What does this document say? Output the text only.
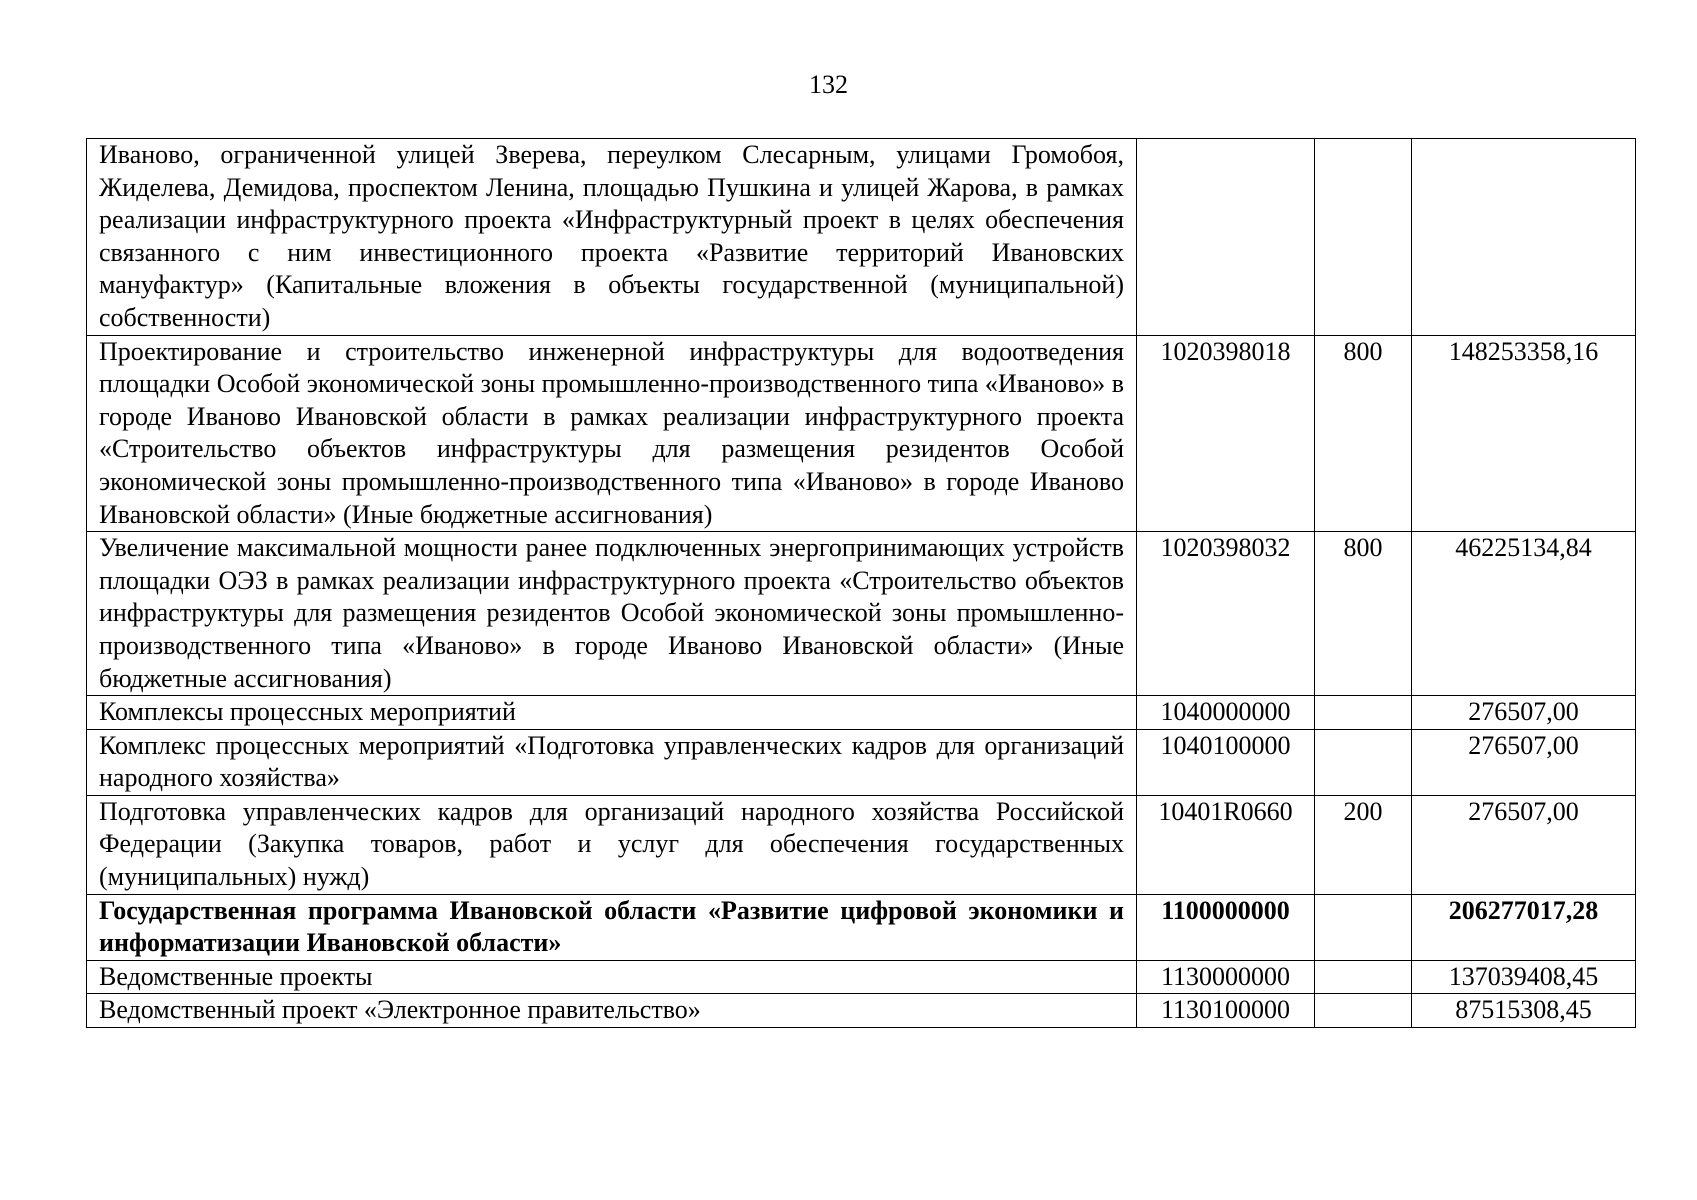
132
Иваново, ограниченной улицей Зверева, переулком Слесарным, улицами Громобоя, Жиделева, Демидова, проспектом Ленина, площадью Пушкина и улицей Жарова, в рамках реализации инфраструктурного проекта «Инфраструктурный проект в целях обеспечения связанного с ним инвестиционного проекта «Развитие территорий Ивановских мануфактур» (Капитальные вложения в объекты государственной (муниципальной) собственности)			
Проектирование и строительство инженерной инфраструктуры для водоотведения площадки Особой экономической зоны промышленно-производственного типа «Иваново» в городе Иваново Ивановской области в рамках реализации инфраструктурного проекта «Строительство объектов инфраструктуры для размещения резидентов Особой экономической зоны промышленно-производственного типа «Иваново» в городе Иваново Ивановской области» (Иные бюджетные ассигнования)	1020398018	800	148253358,16
Увеличение максимальной мощности ранее подключенных энергопринимающих устройств площадки ОЭЗ в рамках реализации инфраструктурного проекта «Строительство объектов инфраструктуры для размещения резидентов Особой экономической зоны промышленно-производственного типа «Иваново» в городе Иваново Ивановской области» (Иные бюджетные ассигнования)	1020398032	800	46225134,84
Комплексы процессных мероприятий	1040000000		276507,00
Комплекс процессных мероприятий «Подготовка управленческих кадров для организаций народного хозяйства»	1040100000		276507,00
Подготовка управленческих кадров для организаций народного хозяйства Российской Федерации (Закупка товаров, работ и услуг для обеспечения государственных (муниципальных) нужд)	10401R0660	200	276507,00
Государственная программа Ивановской области «Развитие цифровой экономики и информатизации Ивановской области»	1100000000		206277017,28
Ведомственные проекты	1130000000		137039408,45
Ведомственный проект «Электронное правительство»	1130100000		87515308,45
